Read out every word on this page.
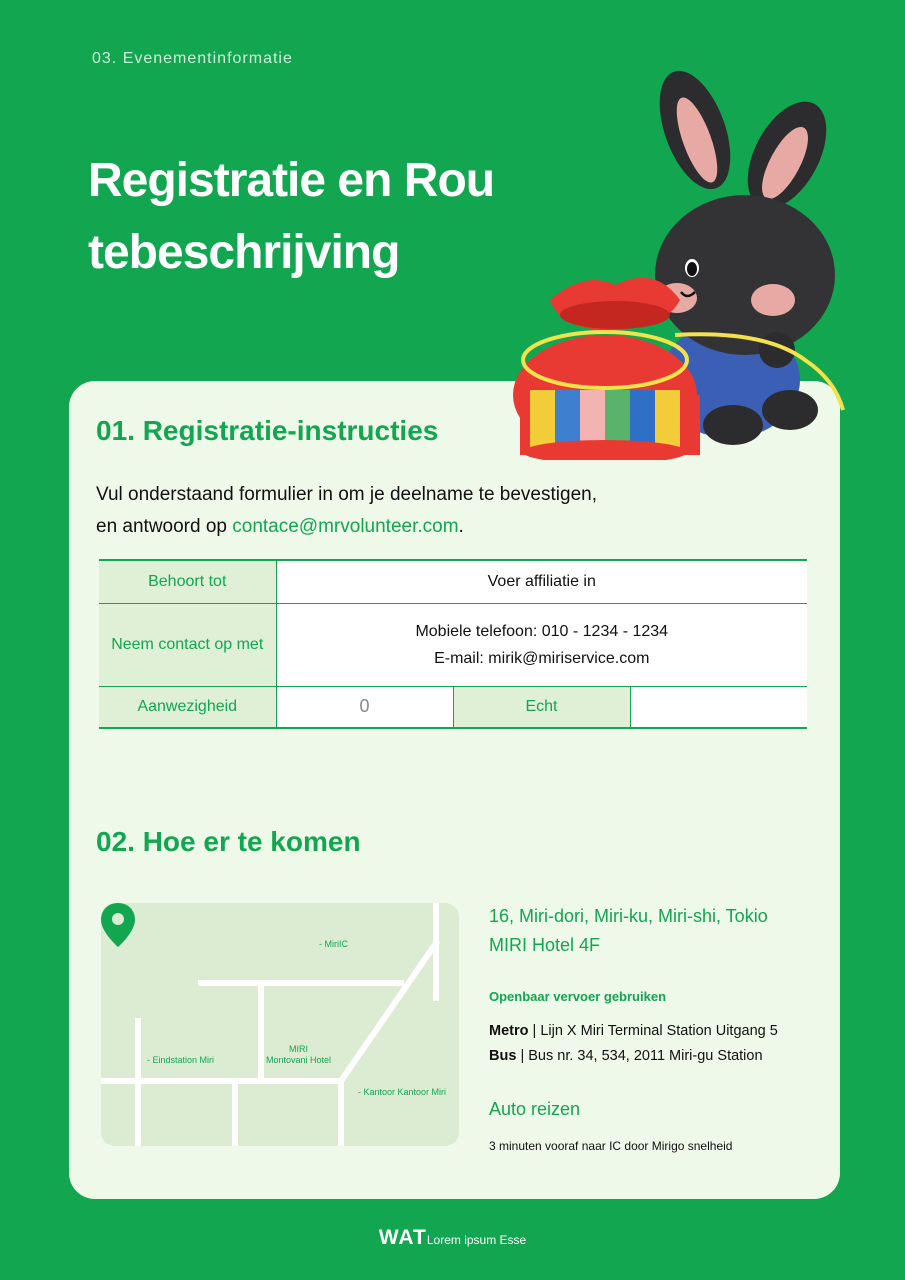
03. Evenementinformatie
Registratie en Routebeschrijving
01. Registratie-instructies
Vul onderstaand formulier in om je deelname te bevestigen,
en antwoord op contace@mrvolunteer.com.
Behoort tot	Voer affiliatie in		
Neem contact op met	Mobiele telefoon: 010 - 1234 - 1234
E-mail: mirik@miriservice.com		
Aanwezigheid	0	Echt	
02. Hoe er te komen
- MiriIC
MIRI
Montovani Hotel
- Eindstation Miri
- Kantoor Kantoor Miri
16, Miri-dori, Miri-ku, Miri-shi, Tokio
MIRI Hotel 4F
Openbaar vervoer gebruiken
Metro | Lijn X Miri Terminal Station Uitgang 5
Bus | Bus nr. 34, 534, 2011 Miri-gu Station
Auto reizen
3 minuten vooraf naar IC door Mirigo snelheid
WATLorem ipsum Esse
